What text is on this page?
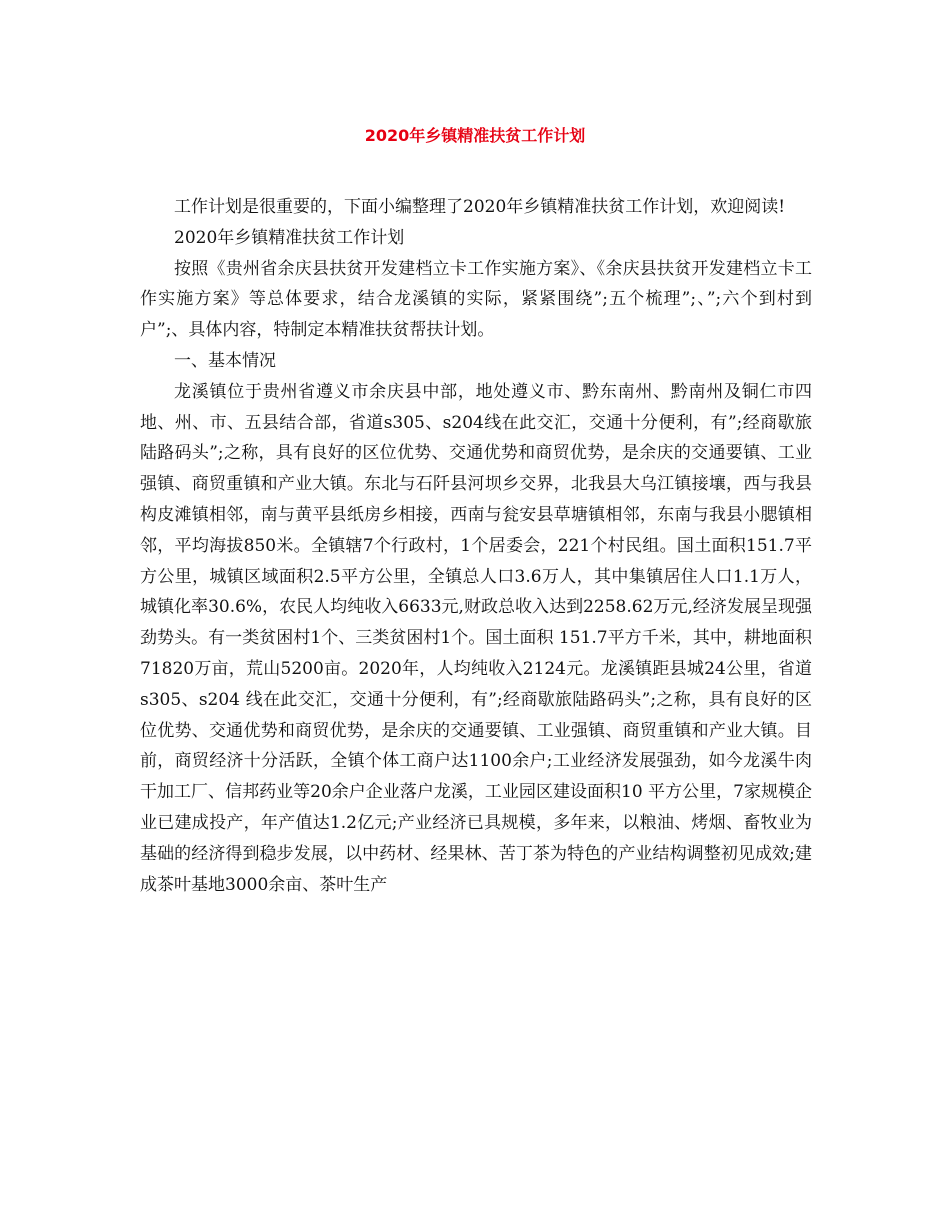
2020年乡镇精准扶贫工作计划

工作计划是很重要的，下面小编整理了2020年乡镇精准扶贫工作计划，欢迎阅读!

2020年乡镇精准扶贫工作计划

按照《贵州省余庆县扶贫开发建档立卡工作实施方案》、《余庆县扶贫开发建档立卡工作实施方案》等总体要求，结合龙溪镇的实际，紧紧围绕”;五个梳理”;、”;六个到村到户”;、具体内容，特制定本精准扶贫帮扶计划。

一、基本情况

龙溪镇位于贵州省遵义市余庆县中部，地处遵义市、黔东南州、黔南州及铜仁市四地、州、市、五县结合部，省道s305、s204线在此交汇，交通十分便利，有”;经商歇旅陆路码头”;之称，具有良好的区位优势、交通优势和商贸优势，是余庆的交通要镇、工业强镇、商贸重镇和产业大镇。东北与石阡县河坝乡交界，北我县大乌江镇接壤，西与我县构皮滩镇相邻，南与黄平县纸房乡相接，西南与瓮安县草塘镇相邻，东南与我县小腮镇相邻，平均海拔850米。全镇辖7个行政村，1个居委会，221个村民组。国土面积151.7平方公里，城镇区域面积2.5平方公里，全镇总人口3.6万人，其中集镇居住人口1.1万人，城镇化率30.6%，农民人均纯收入6633元,财政总收入达到2258.62万元,经济发展呈现强劲势头。有一类贫困村1个、三类贫困村1个。国土面积 151.7平方千米，其中，耕地面积71820万亩，荒山5200亩。2020年，人均纯收入2124元。龙溪镇距县城24公里，省道s305、s204 线在此交汇，交通十分便利，有”;经商歇旅陆路码头”;之称，具有良好的区位优势、交通优势和商贸优势，是余庆的交通要镇、工业强镇、商贸重镇和产业大镇。目前，商贸经济十分活跃，全镇个体工商户达1100余户;工业经济发展强劲，如今龙溪牛肉干加工厂、信邦药业等20余户企业落户龙溪，工业园区建设面积10 平方公里，7家规模企业已建成投产，年产值达1.2亿元;产业经济已具规模，多年来，以粮油、烤烟、畜牧业为基础的经济得到稳步发展，以中药材、经果林、苦丁茶为特色的产业结构调整初见成效;建成茶叶基地3000余亩、茶叶生产
